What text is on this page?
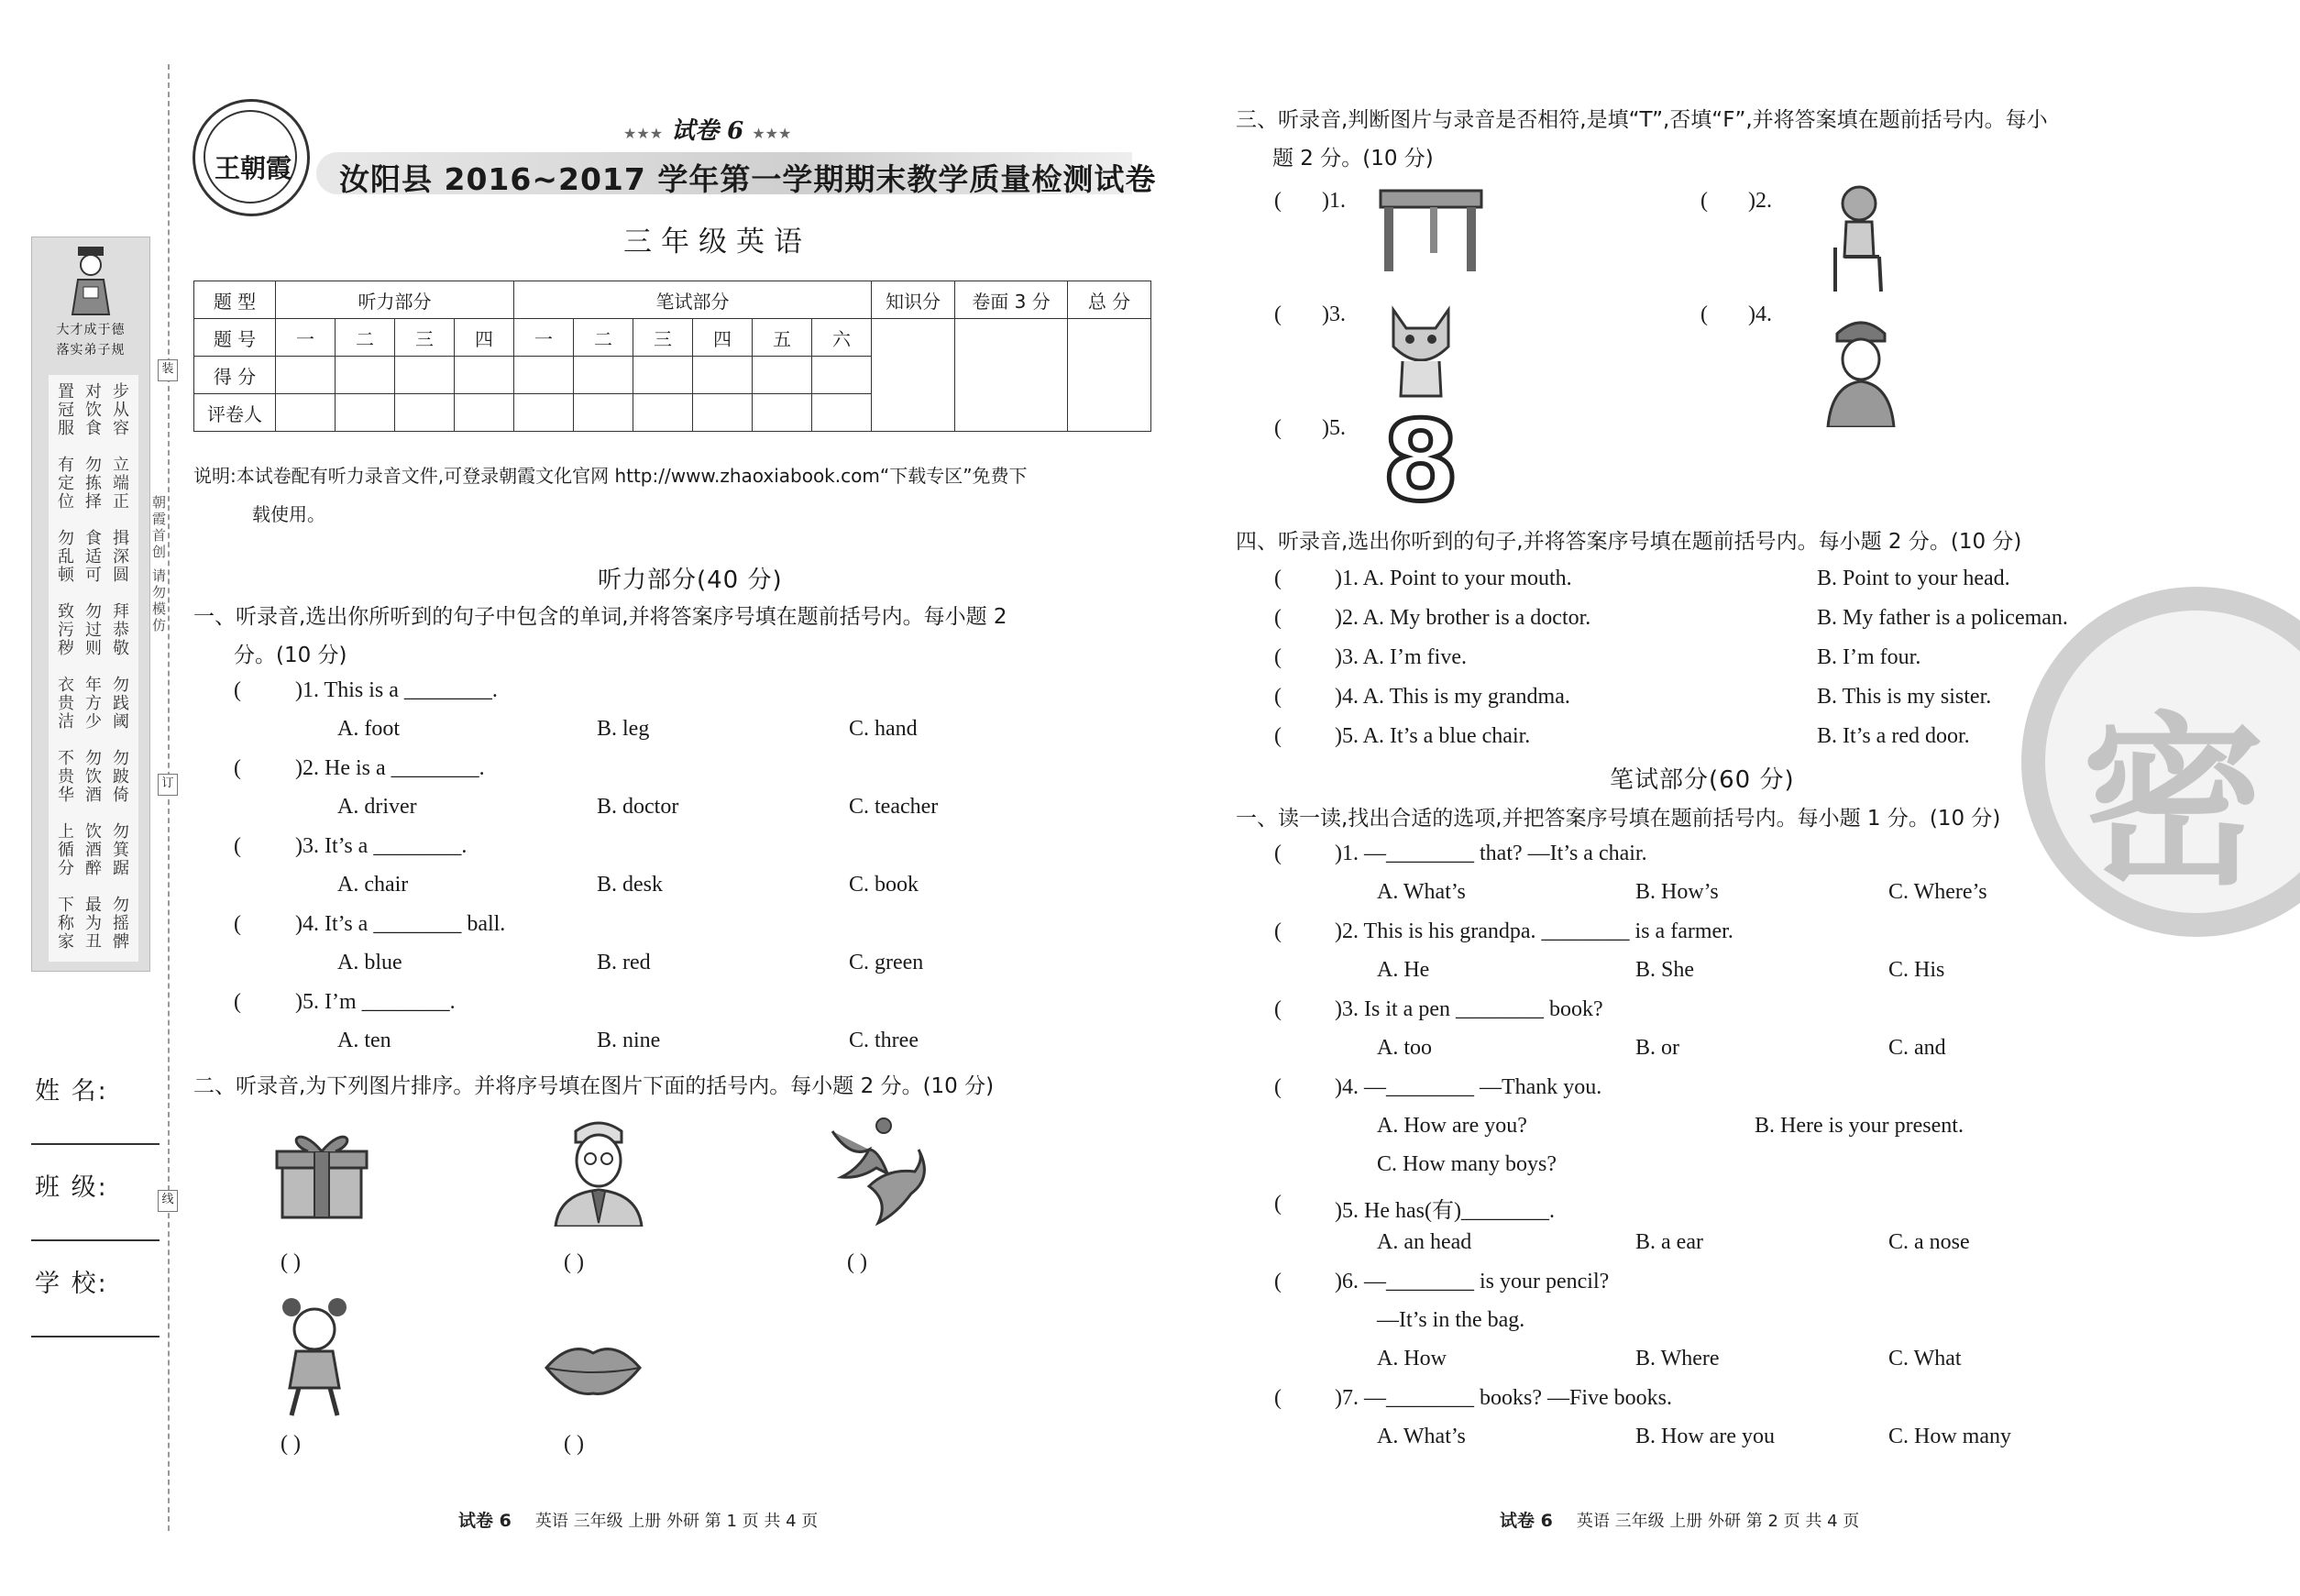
大才成于德
落实弟子规
步从容
对饮食
置冠服
立端正
勿拣择
有定位
揖深圆
食适可
勿乱顿
拜恭敬
勿过则
致污秽
勿践阈
年方少
衣贵洁
勿跛倚
勿饮酒
不贵华
勿箕踞
饮酒醉
上循分
勿摇髀
最为丑
下称家
朝霞首创
请勿模仿
装
订
线
姓 名:
班 级:
学 校:
王朝霞
★★★ 试卷 6 ★★★
汝阳县 2016~2017 学年第一学期期末教学质量检测试卷
三年级英语
题 型	听力部分				笔试部分						知识分	卷面 3 分	总 分
题 号	一	二	三	四	一	二	三	四	五	六			
得 分													
评卷人													
说明:本试卷配有听力录音文件,可登录朝霞文化官网 http://www.zhaoxiabook.com“下载专区”免费下
载使用。
听力部分(40 分)
一、听录音,选出你所听到的句子中包含的单词,并将答案序号填在题前括号内。每小题 2
分。(10 分)
二、听录音,为下列图片排序。并将序号填在图片下面的括号内。每小题 2 分。(10 分)
( )	( )	( )
( )	( )
试卷 6 英语 三年级 上册 外研 第 1 页 共 4 页
密
三、听录音,判断图片与录音是否相符,是填“T”,否填“F”,并将答案填在题前括号内。每小
题 2 分。(10 分)
( )1.	( )2.
( )3.	( )4.
( )5. 8
四、听录音,选出你听到的句子,并将答案序号填在题前括号内。每小题 2 分。(10 分)
笔试部分(60 分)
一、读一读,找出合适的选项,并把答案序号填在题前括号内。每小题 1 分。(10 分)
试卷 6 英语 三年级 上册 外研 第 2 页 共 4 页
( )1. This is a ________.
A. foot	B. leg	C. hand
( )2. He is a ________.
A. driver	B. doctor	C. teacher
( )3. It’s a ________.
A. chair	B. desk	C. book
( )4. It’s a ________ ball.
A. blue	B. red	C. green
( )5. I’m ________.
A. ten	B. nine	C. three
( )1. A. Point to your mouth.	B. Point to your head.
( )2. A. My brother is a doctor.	B. My father is a policeman.
( )3. A. I’m five.	B. I’m four.
( )4. A. This is my grandma.	B. This is my sister.
( )5. A. It’s a blue chair.	B. It’s a red door.
( )1. —________ that? —It’s a chair.
A. What’s	B. How’s	C. Where’s
( )2. This is his grandpa. ________ is a farmer.
A. He	B. She	C. His
( )3. Is it a pen ________ book?
A. too	B. or	C. and
( )4. —________ —Thank you.
A. How are you?	B. Here is your present.
C. How many boys?
( )5. He has(有)________.
A. an head	B. a ear	C. a nose
( )6. —________ is your pencil?
—It’s in the bag.
A. How	B. Where	C. What
( )7. —________ books? —Five books.
A. What’s	B. How are you	C. How many
